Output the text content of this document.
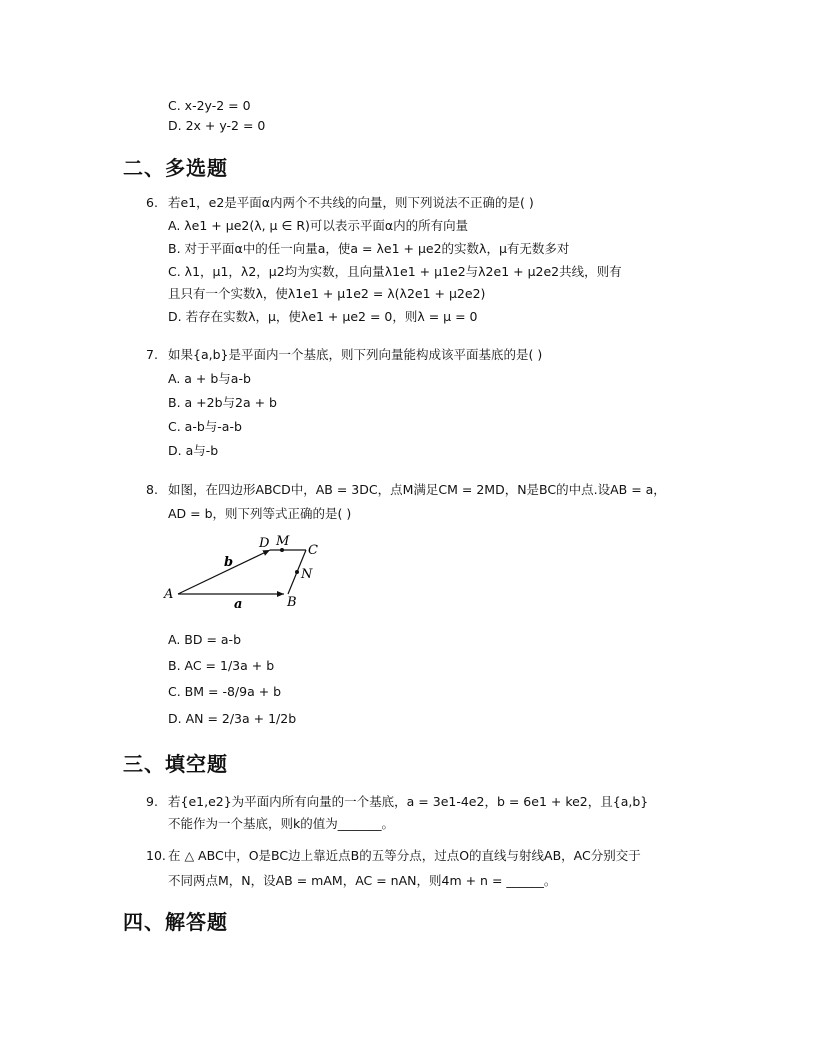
C. x-2y-2 = 0
D. 2x + y-2 = 0
二、多选题
6. 若e1，e2是平面α内两个不共线的向量，则下列说法不正确的是( )
A. λe1 + μe2(λ, μ ∈ R)可以表示平面α内的所有向量
B. 对于平面α中的任一向量a，使a = λe1 + μe2的实数λ，μ有无数多对
C. λ1，μ1，λ2，μ2均为实数，且向量λ1e1 + μ1e2与λ2e1 + μ2e2共线，则有
且只有一个实数λ，使λ1e1 + μ1e2 = λ(λ2e1 + μ2e2)
D. 若存在实数λ，μ，使λe1 + μe2 = 0，则λ = μ = 0
7. 如果{a,b}是平面内一个基底，则下列向量能构成该平面基底的是( )
A. a + b与a-b
B. a +2b与2a + b
C. a-b与-a-b
D. a与-b
8. 如图，在四边形ABCD中，AB = 3DC，点M满足CM = 2MD，N是BC的中点.设AB = a，
AD = b，则下列等式正确的是( )
A
B
C
D M
N
a
b
A. BD = a-b
B. AC = 1/3a + b
C. BM = -8/9a + b
D. AN = 2/3a + 1/2b
三、填空题
9. 若{e1,e2}为平面内所有向量的一个基底，a = 3e1-4e2，b = 6e1 + ke2，且{a,b}
不能作为一个基底，则k的值为_______。
10. 在 △ ABC中，O是BC边上靠近点B的五等分点，过点O的直线与射线AB，AC分别交于
不同两点M，N，设AB = mAM，AC = nAN，则4m + n = ______。
四、解答题
